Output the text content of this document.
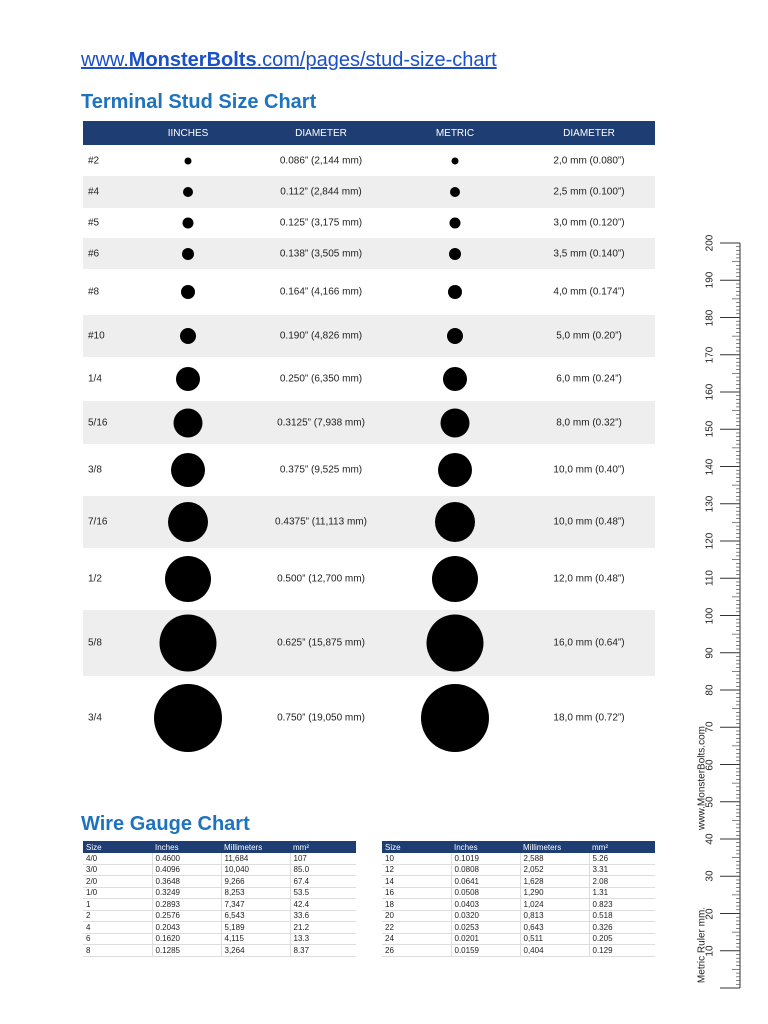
www.MonsterBolts.com/pages/stud-size-chart
Terminal Stud Size Chart
IINCHES	DIAMETER	METRIC	DIAMETER
#2	0.086” (2,144 mm)	2,0 mm (0.080”)
#4	0.112” (2,844 mm)	2,5 mm (0.100”)
#5	0.125” (3,175 mm)	3,0 mm (0.120”)
#6	0.138” (3,505 mm)	3,5 mm (0.140”)
#8	0.164” (4,166 mm)	4,0 mm (0.174”)
#10	0.190” (4,826 mm)	5,0 mm (0.20”)
1/4	0.250” (6,350 mm)	6,0 mm (0.24”)
5/16	0.3125” (7,938 mm)	8,0 mm (0.32”)
3/8	0.375” (9,525 mm)	10,0 mm (0.40”)
7/16	0.4375” (11,113 mm)	10,0 mm (0.48”)
1/2	0.500” (12,700 mm)	12,0 mm (0.48”)
5/8	0.625” (15,875 mm)	16,0 mm (0.64”)
3/4	0.750” (19,050 mm)	18,0 mm (0.72”)
Wire Gauge Chart
Size	Inches	Millimeters	mm²
4/0	0.4600	11,684	107
3/0	0.4096	10,040	85.0
2/0	0.3648	9,266	67.4
1/0	0.3249	8,253	53.5
1	0.2893	7,347	42.4
2	0.2576	6,543	33.6
4	0.2043	5,189	21.2
6	0.1620	4,115	13.3
8	0.1285	3,264	8.37
Size	Inches	Millimeters	mm²
10	0.1019	2,588	5.26
12	0.0808	2,052	3.31
14	0.0641	1,628	2.08
16	0.0508	1,290	1.31
18	0.0403	1,024	0.823
20	0.0320	0,813	0.518
22	0.0253	0,643	0.326
24	0.0201	0,511	0.205
26	0.0159	0,404	0.129
www.MonsterBolts.com
Metric Ruler mm.
200
190
180
170
160
150
140
130
120
110
100
90
80
70
60
50
40
30
20
10
